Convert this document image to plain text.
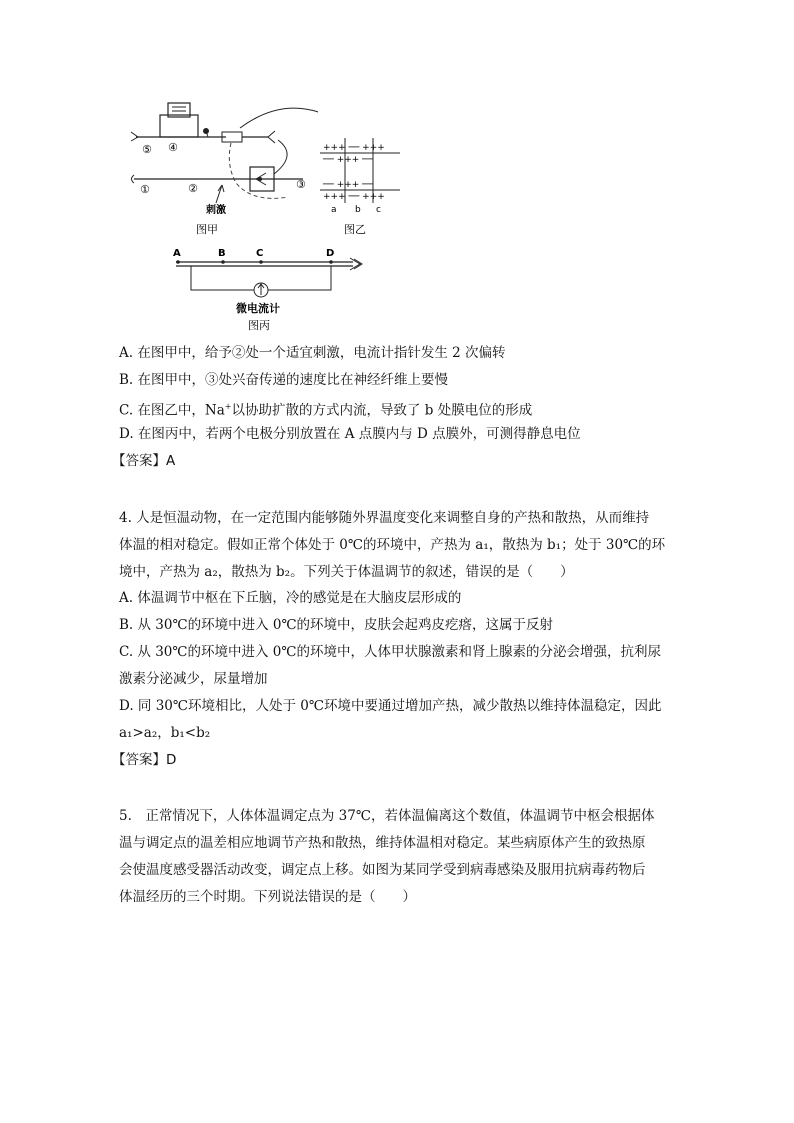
⑤ ④
①	②	③
刺激
图甲
+++ ── +++
── +++ ──
── +++ ──
+++ ── +++
a b c
图乙
A	B	C	D
微电流计
图丙
A. 在图甲中，给予②处一个适宜刺激，电流计指针发生 2 次偏转
B. 在图甲中，③处兴奋传递的速度比在神经纤维上要慢
C. 在图乙中，Na+以协助扩散的方式内流，导致了 b 处膜电位的形成
D. 在图丙中，若两个电极分别放置在 A 点膜内与 D 点膜外，可测得静息电位
【答案】A
4. 人是恒温动物，在一定范围内能够随外界温度变化来调整自身的产热和散热，从而维持
体温的相对稳定。假如正常个体处于 0℃的环境中，产热为 a₁，散热为 b₁；处于 30℃的环
境中，产热为 a₂，散热为 b₂。下列关于体温调节的叙述，错误的是（　　）
A. 体温调节中枢在下丘脑，冷的感觉是在大脑皮层形成的
B. 从 30℃的环境中进入 0℃的环境中，皮肤会起鸡皮疙瘩，这属于反射
C. 从 30℃的环境中进入 0℃的环境中，人体甲状腺激素和肾上腺素的分泌会增强，抗利尿
激素分泌减少，尿量增加
D. 同 30℃环境相比，人处于 0℃环境中要通过增加产热，减少散热以维持体温稳定，因此
a₁>a₂，b₁<b₂
【答案】D
5.　正常情况下，人体体温调定点为 37℃，若体温偏离这个数值，体温调节中枢会根据体
温与调定点的温差相应地调节产热和散热，维持体温相对稳定。某些病原体产生的致热原
会使温度感受器活动改变，调定点上移。如图为某同学受到病毒感染及服用抗病毒药物后
体温经历的三个时期。下列说法错误的是（　　）
